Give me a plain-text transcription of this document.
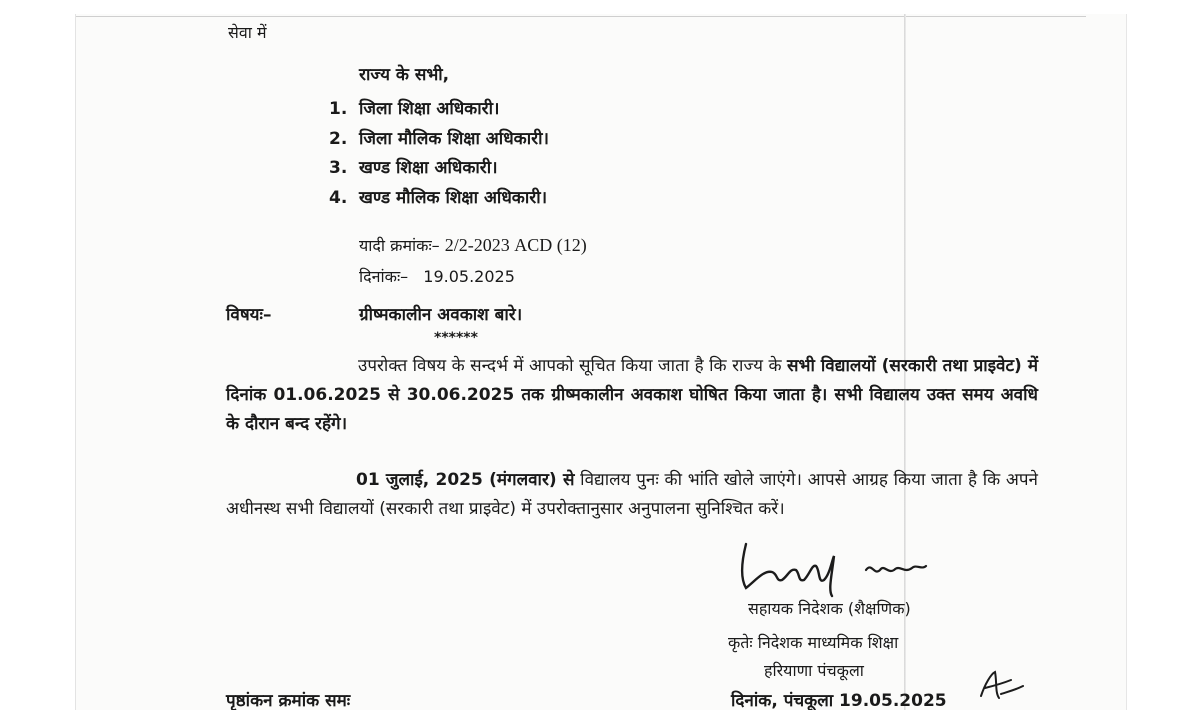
सेवा में
राज्य के सभी,
1. जिला शिक्षा अधिकारी।
2. जिला मौलिक शिक्षा अधिकारी।
3. खण्ड शिक्षा अधिकारी।
4. खण्ड मौलिक शिक्षा अधिकारी।
यादी क्रमांकः– 2/2-2023 ACD (12)
दिनांकः– 19.05.2025
विषयः–	ग्रीष्मकालीन अवकाश बारे।
******
उपरोक्त विषय के सन्दर्भ में आपको सूचित किया जाता है कि राज्य के सभी विद्यालयों (सरकारी तथा प्राइवेट) में दिनांक 01.06.2025 से 30.06.2025 तक ग्रीष्मकालीन अवकाश घोषित किया जाता है। सभी विद्यालय उक्त समय अवधि के दौरान बन्द रहेंगे।
01 जुलाई, 2025 (मंगलवार) से विद्यालय पुनः की भांति खोले जाएंगे। आपसे आग्रह किया जाता है कि अपने अधीनस्थ सभी विद्यालयों (सरकारी तथा प्राइवेट) में उपरोक्तानुसार अनुपालना सुनिश्चित करें।
सहायक निदेशक (शैक्षणिक)
कृतेः निदेशक माध्यमिक शिक्षा
हरियाणा पंचकूला
पृष्ठांकन क्रमांक समः	दिनांक, पंचकूला 19.05.2025
